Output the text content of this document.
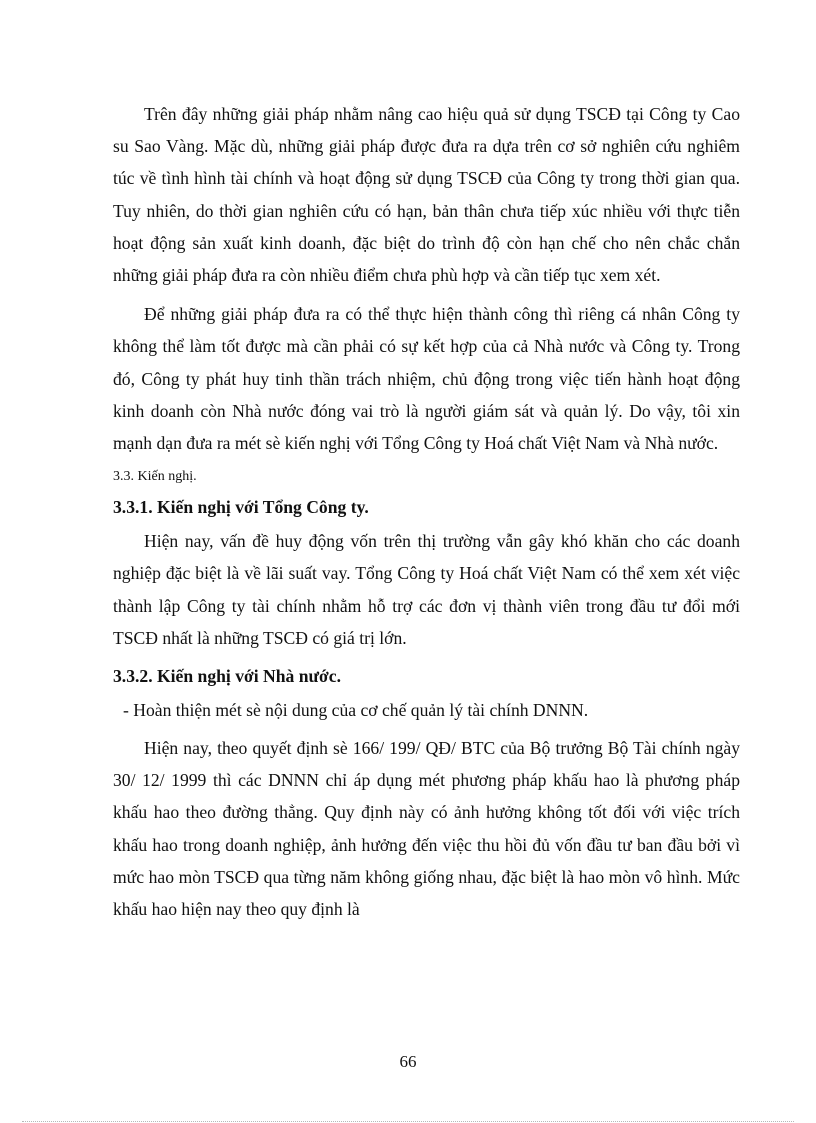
Trên đây những giải pháp nhằm nâng cao hiệu quả sử dụng TSCĐ tại Công ty Cao su Sao Vàng. Mặc dù, những giải pháp được đưa ra dựa trên cơ sở nghiên cứu nghiêm túc về tình hình tài chính và hoạt động sử dụng TSCĐ của Công ty trong thời gian qua. Tuy nhiên, do thời gian nghiên cứu có hạn, bản thân chưa tiếp xúc nhiều với thực tiễn hoạt động sản xuất kinh doanh, đặc biệt do trình độ còn hạn chế cho nên chắc chắn những giải pháp đưa ra còn nhiều điểm chưa phù hợp và cần tiếp tục xem xét.

Để những giải pháp đưa ra có thể thực hiện thành công thì riêng cá nhân Công ty không thể làm tốt được mà cần phải có sự kết hợp của cả Nhà nước và Công ty. Trong đó, Công ty phát huy tinh thần trách nhiệm, chủ động trong việc tiến hành hoạt động kinh doanh còn Nhà nước đóng vai trò là người giám sát và quản lý. Do vậy, tôi xin mạnh dạn đưa ra mét sè kiến nghị với Tổng Công ty Hoá chất Việt Nam và Nhà nước.

3.3. Kiến nghị.
3.3.1. Kiến nghị với Tổng Công ty.

Hiện nay, vấn đề huy động vốn trên thị trường vẫn gây khó khăn cho các doanh nghiệp đặc biệt là về lãi suất vay. Tổng Công ty Hoá chất Việt Nam có thể xem xét việc thành lập Công ty tài chính nhằm hỗ trợ các đơn vị thành viên trong đầu tư đổi mới TSCĐ nhất là những TSCĐ có giá trị lớn.

3.3.2. Kiến nghị với Nhà nước.
- Hoàn thiện mét sè nội dung của cơ chế quản lý tài chính DNNN.

Hiện nay, theo quyết định sè 166/ 199/ QĐ/ BTC của Bộ trưởng Bộ Tài chính ngày 30/ 12/ 1999 thì các DNNN chỉ áp dụng mét phương pháp khấu hao là phương pháp khấu hao theo đường thẳng. Quy định này có ảnh hưởng không tốt đối với việc trích khấu hao trong doanh nghiệp, ảnh hưởng đến việc thu hồi đủ vốn đầu tư ban đầu bởi vì mức hao mòn TSCĐ qua từng năm không giống nhau, đặc biệt là hao mòn vô hình. Mức khấu hao hiện nay theo quy định là

66
